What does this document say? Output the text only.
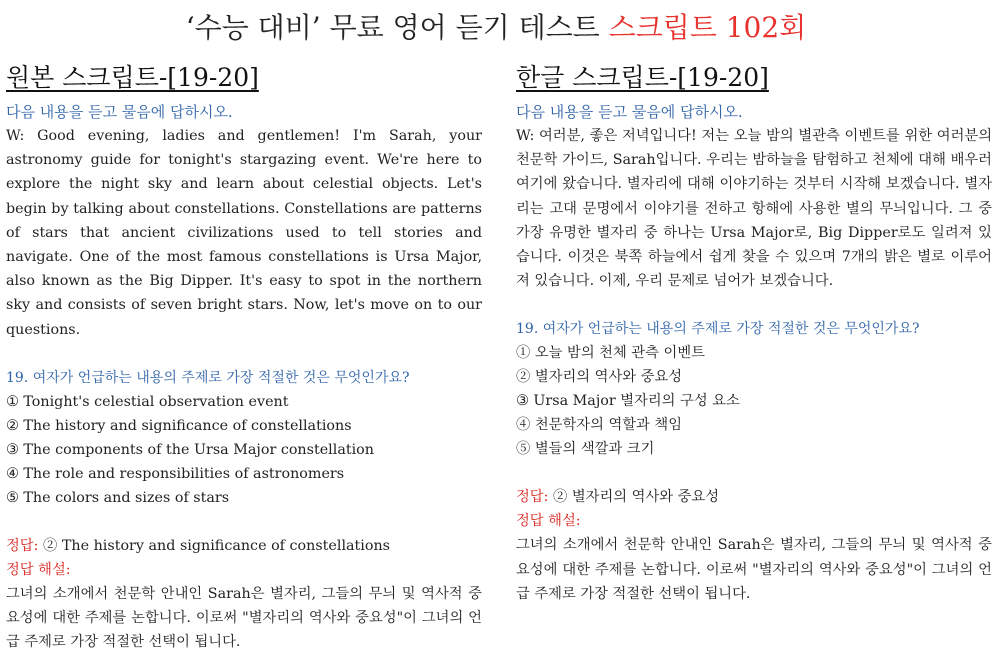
‘수능 대비’ 무료 영어 듣기 테스트 스크립트 102회
원본 스크립트-[19-20]

다음 내용을 듣고 물음에 답하시오.

W: Good evening, ladies and gentlemen! I'm Sarah, your astronomy guide for tonight's stargazing event. We're here to explore the night sky and learn about celestial objects. Let's begin by talking about constellations. Constellations are patterns of stars that ancient civilizations used to tell stories and navigate. One of the most famous constellations is Ursa Major, also known as the Big Dipper. It's easy to spot in the northern sky and consists of seven bright stars. Now, let's move on to our questions.

19. 여자가 언급하는 내용의 주제로 가장 적절한 것은 무엇인가요?

① Tonight's celestial observation event
② The history and significance of constellations
③ The components of the Ursa Major constellation
④ The role and responsibilities of astronomers
⑤ The colors and sizes of stars
정답: ② The history and significance of constellations
정답 해설:

그녀의 소개에서 천문학 안내인 Sarah은 별자리, 그들의 무늬 및 역사적 중요성에 대한 주제를 논합니다. 이로써 "별자리의 역사와 중요성"이 그녀의 언급 주제로 가장 적절한 선택이 됩니다.

한글 스크립트-[19-20]

다음 내용을 듣고 물음에 답하시오.

W: 여러분, 좋은 저녁입니다! 저는 오늘 밤의 별관측 이벤트를 위한 여러분의 천문학 가이드, Sarah입니다. 우리는 밤하늘을 탐험하고 천체에 대해 배우러 여기에 왔습니다. 별자리에 대해 이야기하는 것부터 시작해 보겠습니다. 별자리는 고대 문명에서 이야기를 전하고 항해에 사용한 별의 무늬입니다. 그 중 가장 유명한 별자리 중 하나는 Ursa Major로, Big Dipper로도 일려져 있습니다. 이것은 북쪽 하늘에서 쉽게 찾을 수 있으며 7개의 밝은 별로 이루어져 있습니다. 이제, 우리 문제로 넘어가 보겠습니다.

19. 여자가 언급하는 내용의 주제로 가장 적절한 것은 무엇인가요?

① 오늘 밤의 천체 관측 이벤트
② 별자리의 역사와 중요성
③ Ursa Major 별자리의 구성 요소
④ 천문학자의 역할과 책임
⑤ 별들의 색깔과 크기
정답: ② 별자리의 역사와 중요성
정답 해설:

그녀의 소개에서 천문학 안내인 Sarah은 별자리, 그들의 무늬 및 역사적 중요성에 대한 주제를 논합니다. 이로써 "별자리의 역사와 중요성"이 그녀의 언급 주제로 가장 적절한 선택이 됩니다.
